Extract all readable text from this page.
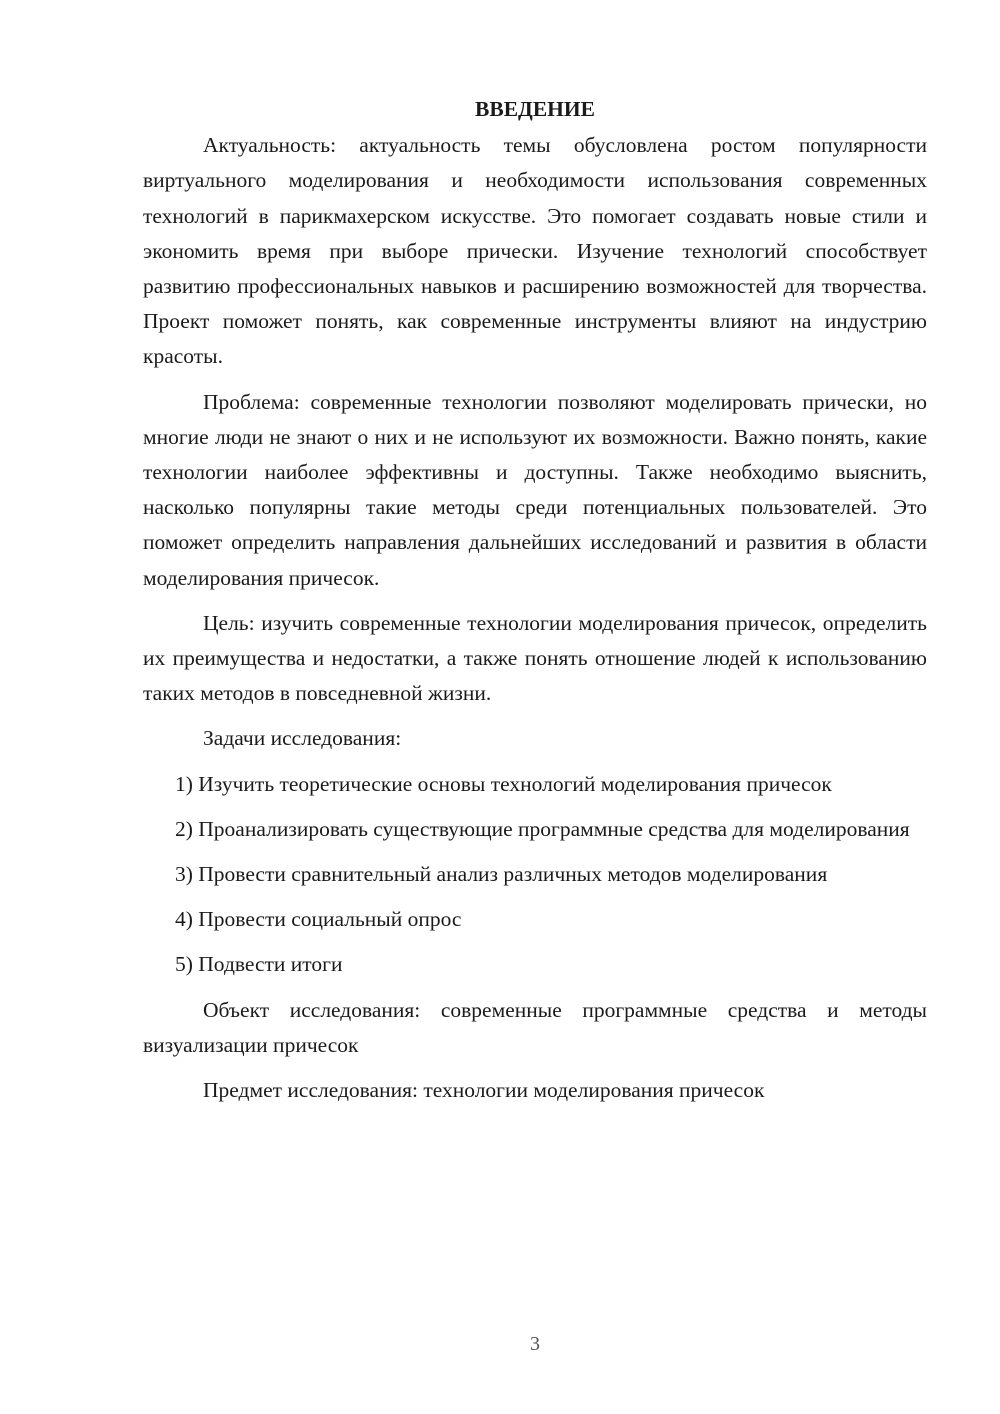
ВВЕДЕНИЕ

Актуальность: актуальность темы обусловлена ростом популярности виртуального моделирования и необходимости использования современных технологий в парикмахерском искусстве. Это помогает создавать новые стили и экономить время при выборе прически. Изучение технологий способствует развитию профессиональных навыков и расширению возможностей для творчества. Проект поможет понять, как современные инструменты влияют на индустрию красоты.

Проблема: современные технологии позволяют моделировать прически, но многие люди не знают о них и не используют их возможности. Важно понять, какие технологии наиболее эффективны и доступны. Также необходимо выяснить, насколько популярны такие методы среди потенциальных пользователей. Это поможет определить направления дальнейших исследований и развития в области моделирования причесок.

Цель: изучить современные технологии моделирования причесок, определить их преимущества и недостатки, а также понять отношение людей к использованию таких методов в повседневной жизни.

Задачи исследования:

1) Изучить теоретические основы технологий моделирования причесок

2) Проанализировать существующие программные средства для моделирования

3) Провести сравнительный анализ различных методов моделирования

4) Провести социальный опрос

5) Подвести итоги

Объект исследования: современные программные средства и методы визуализации причесок

Предмет исследования: технологии моделирования причесок

3
